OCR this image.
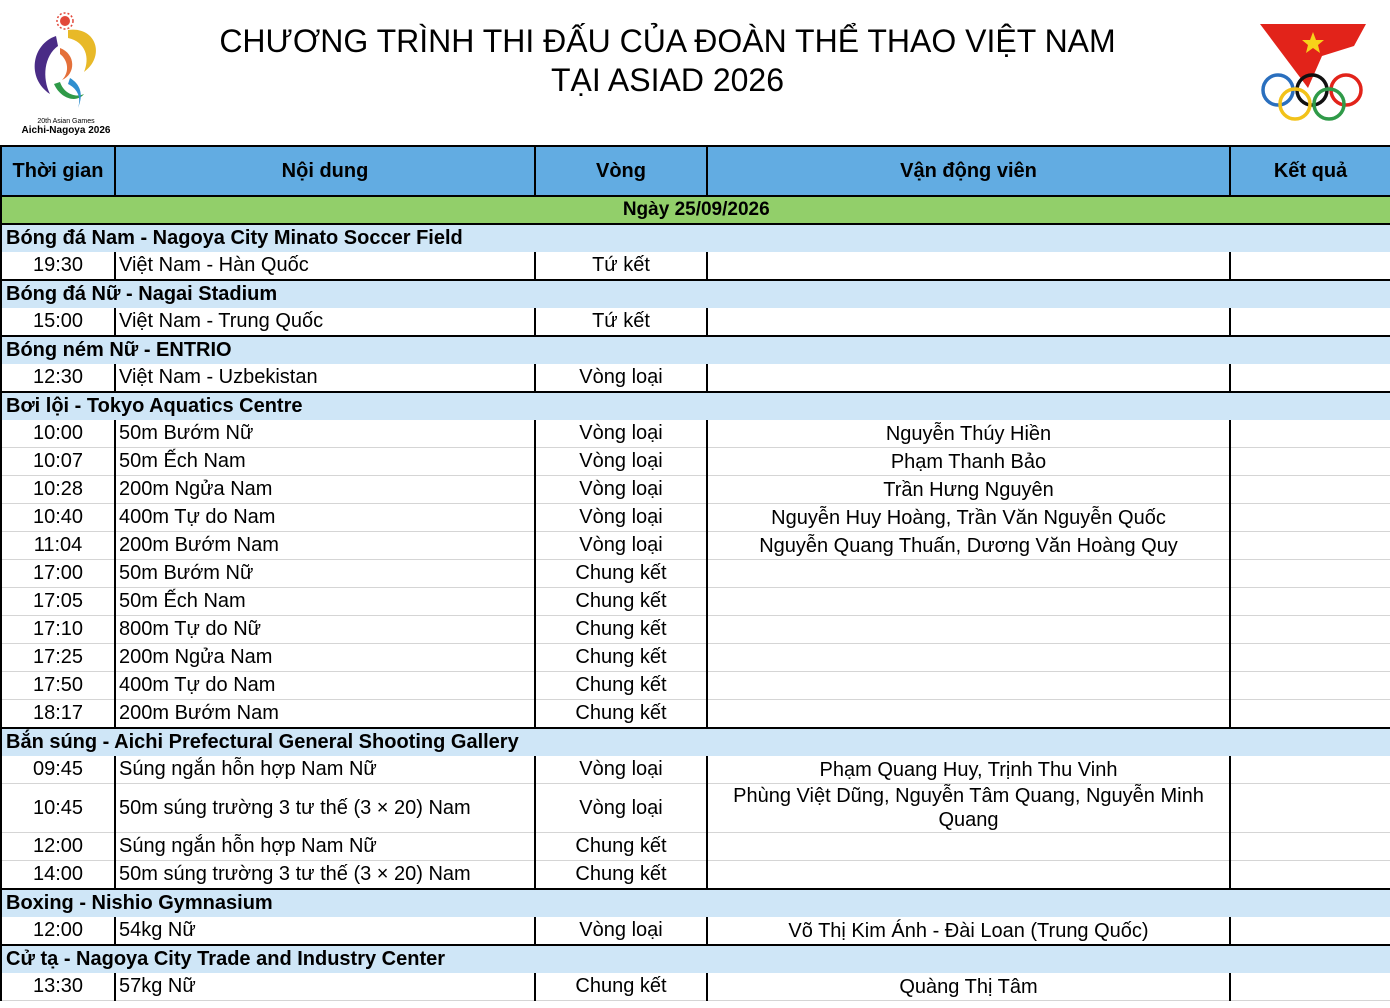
20th Asian Games
Aichi-Nagoya 2026
CHƯƠNG TRÌNH THI ĐẤU CỦA ĐOÀN THỂ THAO VIỆT NAM
TẠI ASIAD 2026
Thời gian	Nội dung	Vòng	Vận động viên	Kết quả
Ngày 25/09/2026				
Bóng đá Nam - Nagoya City Minato Soccer Field				
19:30	Việt Nam - Hàn Quốc	Tứ kết		
Bóng đá Nữ - Nagai Stadium				
15:00	Việt Nam - Trung Quốc	Tứ kết		
Bóng ném Nữ - ENTRIO				
12:30	Việt Nam - Uzbekistan	Vòng loại		
Bơi lội - Tokyo Aquatics Centre				
10:00	50m Bướm Nữ	Vòng loại	Nguyễn Thúy Hiền	
10:07	50m Ếch Nam	Vòng loại	Phạm Thanh Bảo	
10:28	200m Ngửa Nam	Vòng loại	Trần Hưng Nguyên	
10:40	400m Tự do Nam	Vòng loại	Nguyễn Huy Hoàng, Trần Văn Nguyễn Quốc	
11:04	200m Bướm Nam	Vòng loại	Nguyễn Quang Thuấn, Dương Văn Hoàng Quy	
17:00	50m Bướm Nữ	Chung kết		
17:05	50m Ếch Nam	Chung kết		
17:10	800m Tự do Nữ	Chung kết		
17:25	200m Ngửa Nam	Chung kết		
17:50	400m Tự do Nam	Chung kết		
18:17	200m Bướm Nam	Chung kết		
Bắn súng - Aichi Prefectural General Shooting Gallery				
09:45	Súng ngắn hỗn hợp Nam Nữ	Vòng loại	Phạm Quang Huy, Trịnh Thu Vinh	
10:45	50m súng trường 3 tư thế (3 × 20) Nam	Vòng loại	Phùng Việt Dũng, Nguyễn Tâm Quang, Nguyễn Minh Quang	
12:00	Súng ngắn hỗn hợp Nam Nữ	Chung kết		
14:00	50m súng trường 3 tư thế (3 × 20) Nam	Chung kết		
Boxing - Nishio Gymnasium				
12:00	54kg Nữ	Vòng loại	Võ Thị Kim Ánh - Đài Loan (Trung Quốc)	
Cử tạ - Nagoya City Trade and Industry Center				
13:30	57kg Nữ	Chung kết	Quàng Thị Tâm	
